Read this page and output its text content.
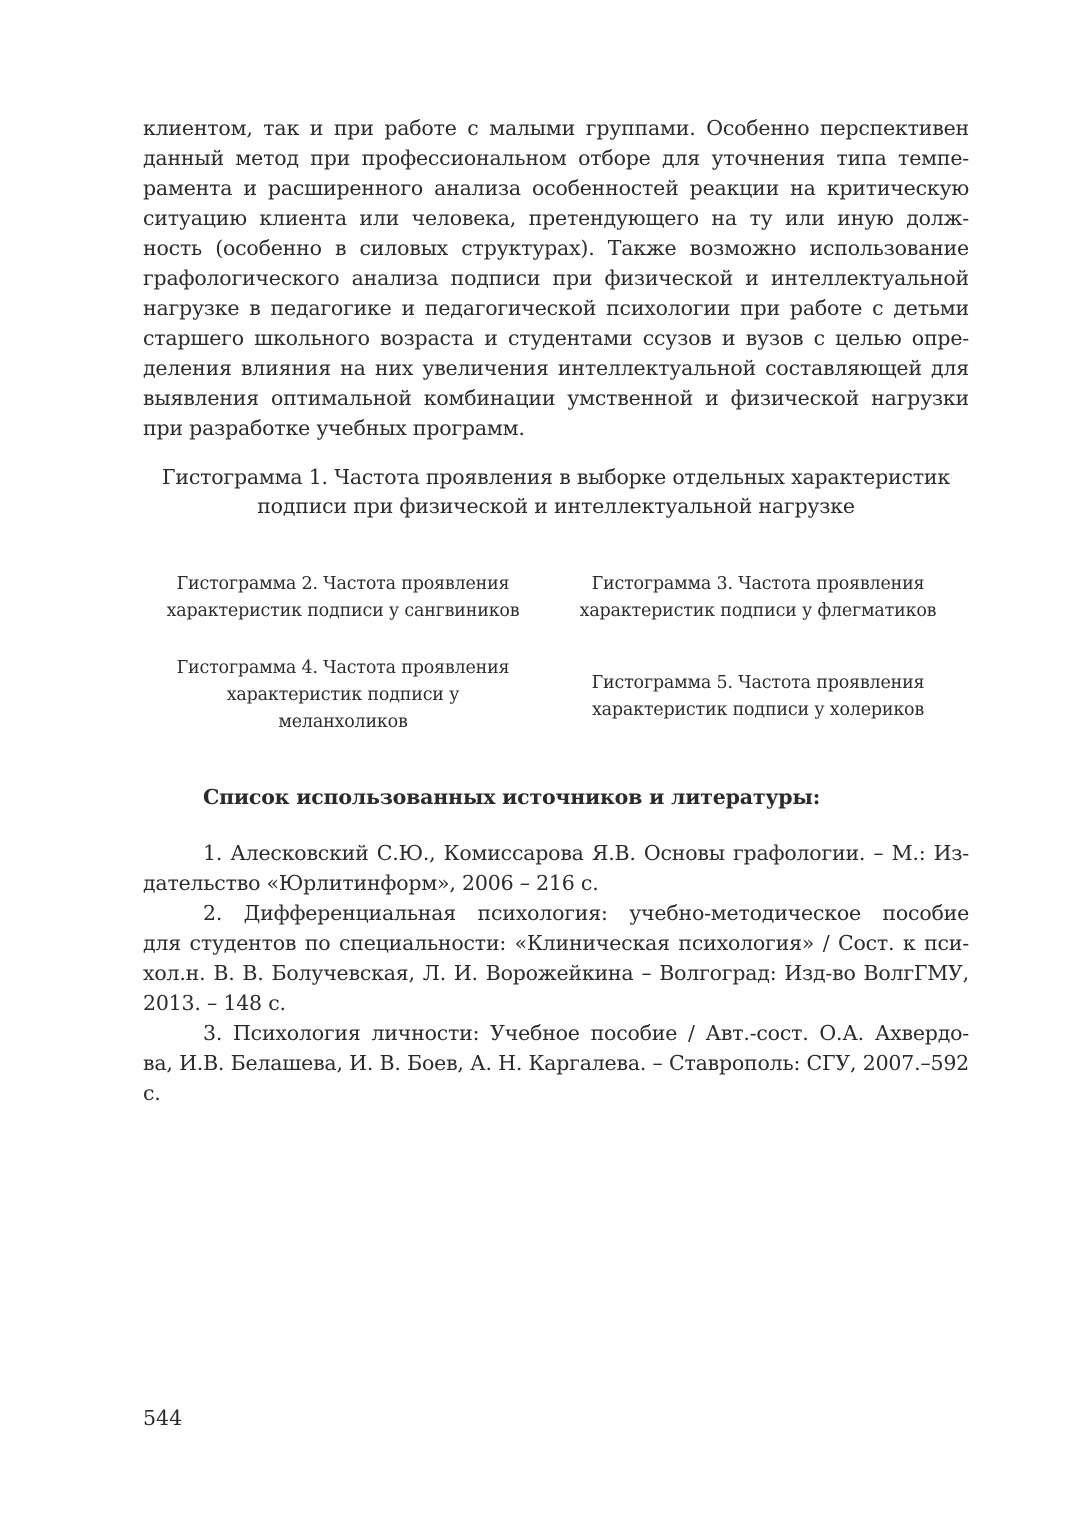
клиентом, так и при работе с малыми группами. Особенно перспективен
данный метод при профессиональном отборе для уточнения типа темпе-
рамента и расширенного анализа особенностей реакции на критическую
ситуацию клиента или человека, претендующего на ту или иную долж-
ность (особенно в силовых структурах). Также возможно использование
графологического анализа подписи при физической и интеллектуальной
нагрузке в педагогике и педагогической психологии при работе с детьми
старшего школьного возраста и студентами ссузов и вузов с целью опре-
деления влияния на них увеличения интеллектуальной составляющей для
выявления оптимальной комбинации умственной и физической нагрузки
при разработке учебных программ.
Гистограмма 1. Частота проявления в выборке отдельных характеристик
подписи при физической и интеллектуальной нагрузке
Гистограмма 2. Частота проявления
характеристик подписи у сангвиников
Гистограмма 3. Частота проявления
характеристик подписи у флегматиков
Гистограмма 4. Частота проявления
характеристик подписи у
меланхоликов
Гистограмма 5. Частота проявления
характеристик подписи у холериков
Список использованных источников и литературы:
1. Алесковский С.Ю., Комиссарова Я.В. Основы графологии. – М.: Из-
дательство «Юрлитинформ», 2006 – 216 с.
2. Дифференциальная психология: учебно-методическое пособие
для студентов по специальности: «Клиническая психология» / Сост. к пси-
хол.н. В. В. Болучевская, Л. И. Ворожейкина – Волгоград: Изд-во ВолгГМУ,
2013. – 148 с.
3. Психология личности: Учебное пособие / Авт.-сост. О.А. Ахвердо-
ва, И.В. Белашева, И. В. Боев, А. Н. Каргалева. – Ставрополь: СГУ, 2007.–592
с.
544
